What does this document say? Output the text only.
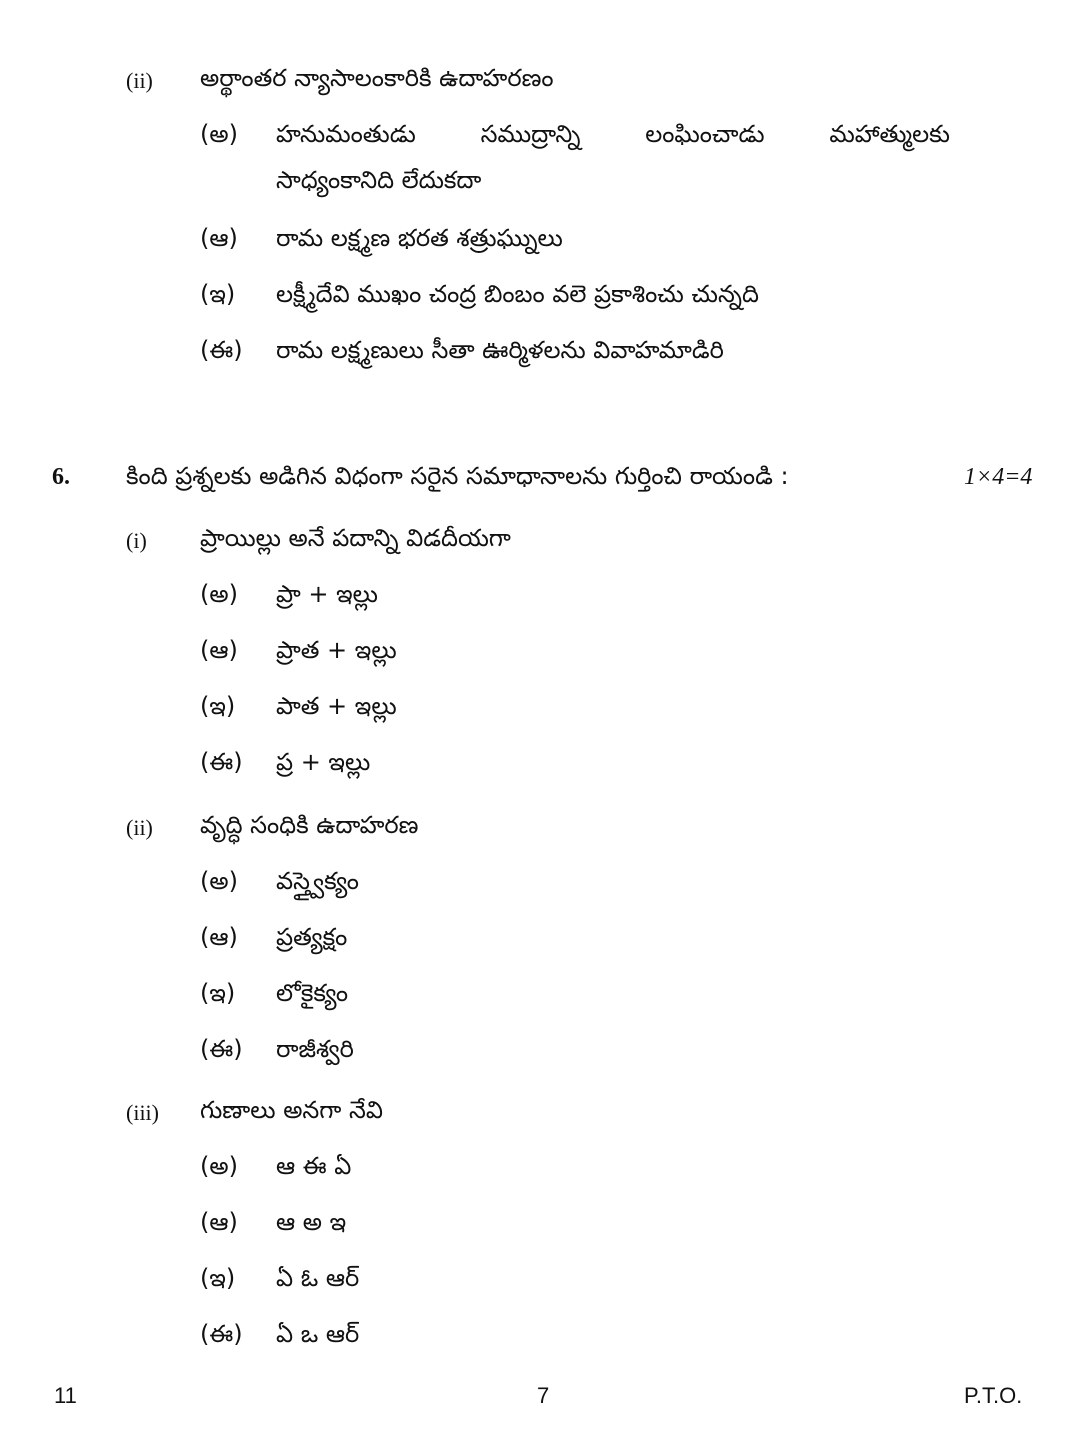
(ii) అర్థాంతర న్యాసాలంకారికి ఉదాహరణం
(అ) హనుమంతుడు	సముద్రాన్ని	లంఘించాడు	మహాత్ములకు
సాధ్యంకానిది లేదుకదా
(ఆ) రామ లక్ష్మణ భరత శత్రుఘ్నులు
(ఇ) లక్ష్మీదేవి ముఖం చంద్ర బింబం వలె ప్రకాశించు చున్నది
(ఈ) రామ లక్ష్మణులు సీతా ఊర్మిళలను వివాహమాడిరి
6. కింది ప్రశ్నలకు అడిగిన విధంగా సరైన సమాధానాలను గుర్తించి రాయండి :	1×4=4
(i) ప్రాయిల్లు అనే పదాన్ని విడదీయగా
(అ) ప్రా + ఇల్లు
(ఆ) ప్రాత + ఇల్లు
(ఇ) పాత + ఇల్లు
(ఈ) ప్ర + ఇల్లు
(ii) వృద్ధి సంధికి ఉదాహరణ
(అ) వస్త్వైక్యం
(ఆ) ప్రత్యక్షం
(ఇ) లోకైక్యం
(ఈ) రాజీశ్వరి
(iii) గుణాలు అనగా నేవి
(అ) ఆ ఈ ఏ
(ఆ) ఆ అ ఇ
(ఇ) ఏ ఓ ఆర్
(ఈ) ఏ ఒ ఆర్
11	7	P.T.O.
